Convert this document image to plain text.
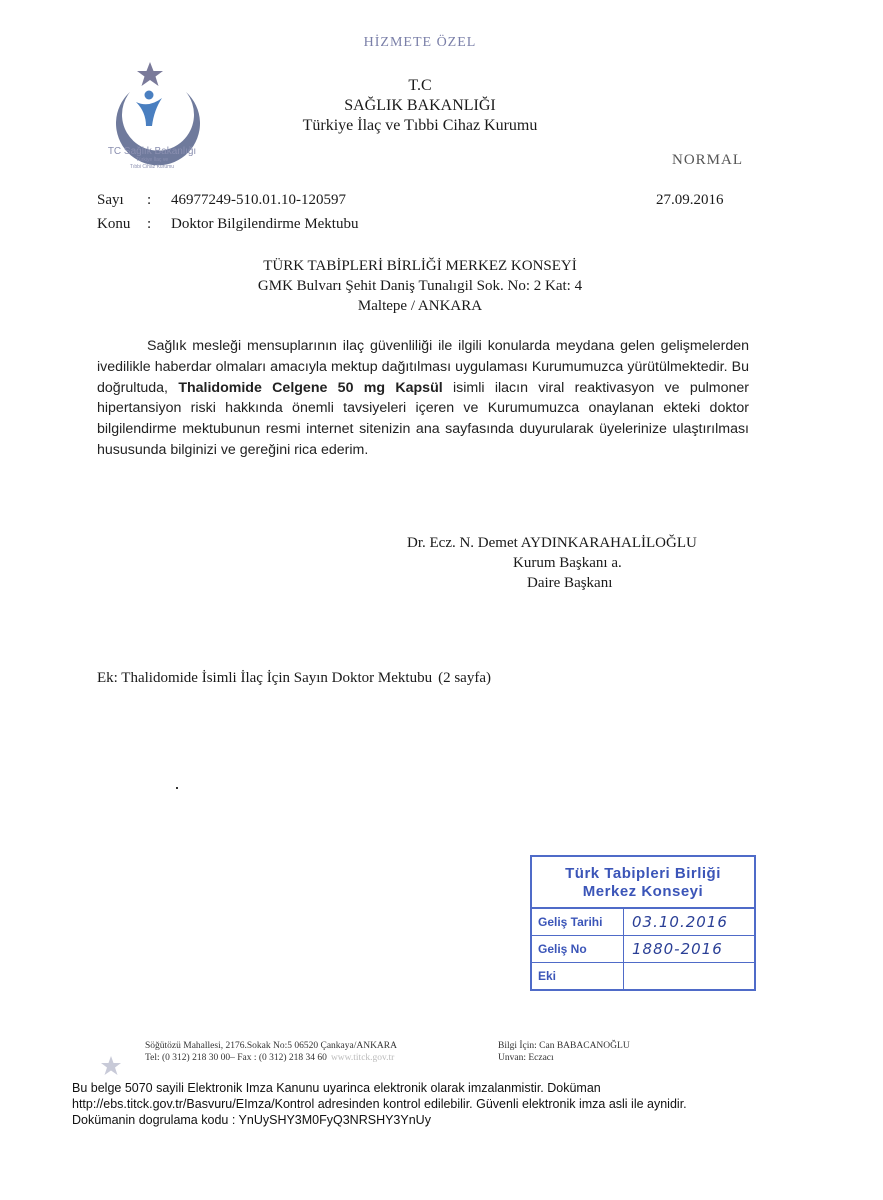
HİZMETE ÖZEL
TC Sağlık Bakanlığı
Türkiye İlaç ve
Tıbbi Cihaz Kurumu
T.C
SAĞLIK BAKANLIĞI
Türkiye İlaç ve Tıbbi Cihaz Kurumu
NORMAL
Sayı : 46977249-510.01.10-120597
Konu : Doktor Bilgilendirme Mektubu
27.09.2016
TÜRK TABİPLERİ BİRLİĞİ MERKEZ KONSEYİ
GMK Bulvarı Şehit Daniş Tunalıgil Sok. No: 2 Kat: 4
Maltepe / ANKARA
Sağlık mesleği mensuplarının ilaç güvenliliği ile ilgili konularda meydana gelen gelişmelerden ivedilikle haberdar olmaları amacıyla mektup dağıtılması uygulaması Kurumumuzca yürütülmektedir. Bu doğrultuda, Thalidomide Celgene 50 mg Kapsül isimli ilacın viral reaktivasyon ve pulmoner hipertansiyon riski hakkında önemli tavsiyeleri içeren ve Kurumumuzca onaylanan ekteki doktor bilgilendirme mektubunun resmi internet sitenizin ana sayfasında duyurularak üyelerinize ulaştırılması hususunda bilginizi ve gereğini rica ederim.
Dr. Ecz. N. Demet AYDINKARAHALİLOĞLU
Kurum Başkanı a.
Daire Başkanı
Ek: Thalidomide İsimli İlaç İçin Sayın Doktor Mektubu (2 sayfa)
Türk Tabipleri Birliği
Merkez Konseyi
Geliş Tarihi	03.10.2016
Geliş No	1880-2016
Eki
Söğütözü Mahallesi, 2176.Sokak No:5 06520 Çankaya/ANKARA
Tel: (0 312) 218 30 00– Fax : (0 312) 218 34 60 www.titck.gov.tr
Bilgi İçin: Can BABACANOĞLU
Unvan: Eczacı
Bu belge 5070 sayili Elektronik Imza Kanunu uyarinca elektronik olarak imzalanmistir. Doküman
http://ebs.titck.gov.tr/Basvuru/EImza/Kontrol adresinden kontrol edilebilir. Güvenli elektronik imza asli ile aynidir.
Dokümanin dogrulama kodu : YnUySHY3M0FyQ3NRSHY3YnUy
